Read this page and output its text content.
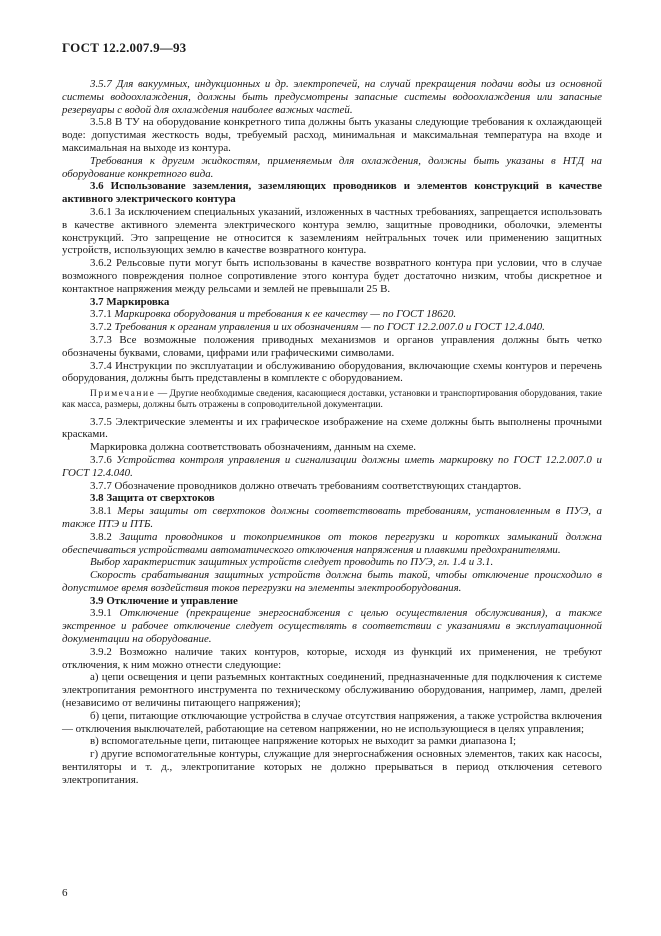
ГОСТ 12.2.007.9—93

3.5.7 Для вакуумных, индукционных и др. электропечей, на случай прекращения подачи воды из основной системы водоохлаждения, должны быть предусмотрены запасные системы водоохлаждения или запасные резервуары с водой для охлаждения наиболее важных частей.

3.5.8 В ТУ на оборудование конкретного типа должны быть указаны следующие требования к охлаждающей воде: допустимая жесткость воды, требуемый расход, минимальная и максимальная температура на входе и максимальная на выходе из контура.

Требования к другим жидкостям, применяемым для охлаждения, должны быть указаны в НТД на оборудование конкретного вида.

3.6 Использование заземления, заземляющих проводников и элементов конструкций в качестве активного электрического контура

3.6.1 За исключением специальных указаний, изложенных в частных требованиях, запрещается использовать в качестве активного элемента электрического контура землю, защитные проводники, оболочки, элементы конструкций. Это запрещение не относится к заземлениям нейтральных точек или применению защитных устройств, использующих землю в качестве возвратного контура.

3.6.2 Рельсовые пути могут быть использованы в качестве возвратного контура при условии, что в случае возможного повреждения полное сопротивление этого контура будет достаточно низким, чтобы дискретное и контактное напряжения между рельсами и землей не превышали 25 В.

3.7 Маркировка

3.7.1 Маркировка оборудования и требования к ее качеству — по ГОСТ 18620.

3.7.2 Требования к органам управления и их обозначениям — по ГОСТ 12.2.007.0 и ГОСТ 12.4.040.

3.7.3 Все возможные положения приводных механизмов и органов управления должны быть четко обозначены буквами, словами, цифрами или графическими символами.

3.7.4 Инструкции по эксплуатации и обслуживанию оборудования, включающие схемы контуров и перечень оборудования, должны быть представлены в комплекте с оборудованием.

Примечание — Другие необходимые сведения, касающиеся доставки, установки и транспортирования оборудования, такие как масса, размеры, должны быть отражены в сопроводительной документации.

3.7.5 Электрические элементы и их графическое изображение на схеме должны быть выполнены прочными красками.

Маркировка должна соответствовать обозначениям, данным на схеме.

3.7.6 Устройства контроля управления и сигнализации должны иметь маркировку по ГОСТ 12.2.007.0 и ГОСТ 12.4.040.

3.7.7 Обозначение проводников должно отвечать требованиям соответствующих стандартов.

3.8 Защита от сверхтоков

3.8.1 Меры защиты от сверхтоков должны соответствовать требованиям, установленным в ПУЭ, а также ПТЭ и ПТБ.

3.8.2 Защита проводников и токоприемников от токов перегрузки и коротких замыканий должна обеспечиваться устройствами автоматического отключения напряжения и плавкими предохранителями.

Выбор характеристик защитных устройств следует проводить по ПУЭ, гл. 1.4 и 3.1.

Скорость срабатывания защитных устройств должна быть такой, чтобы отключение происходило в допустимое время воздействия токов перегрузки на элементы электрооборудования.

3.9 Отключение и управление

3.9.1 Отключение (прекращение энергоснабжения с целью осуществления обслуживания), а также экстренное и рабочее отключение следует осуществлять в соответствии с указаниями в эксплуатационной документации на оборудование.

3.9.2 Возможно наличие таких контуров, которые, исходя из функций их применения, не требуют отключения, к ним можно отнести следующие:

а) цепи освещения и цепи разъемных контактных соединений, предназначенные для подключения к системе электропитания ремонтного инструмента по техническому обслуживанию оборудования, например, ламп, дрелей (независимо от величины питающего напряжения);

б) цепи, питающие отключающие устройства в случае отсутствия напряжения, а также устройства включения — отключения выключателей, работающие на сетевом напряжении, но не использующиеся в целях управления;

в) вспомогательные цепи, питающее напряжение которых не выходит за рамки диапазона I;

г) другие вспомогательные контуры, служащие для энергоснабжения основных элементов, таких как насосы, вентиляторы и т. д., электропитание которых не должно прерываться в период отключения сетевого электропитания.

6
